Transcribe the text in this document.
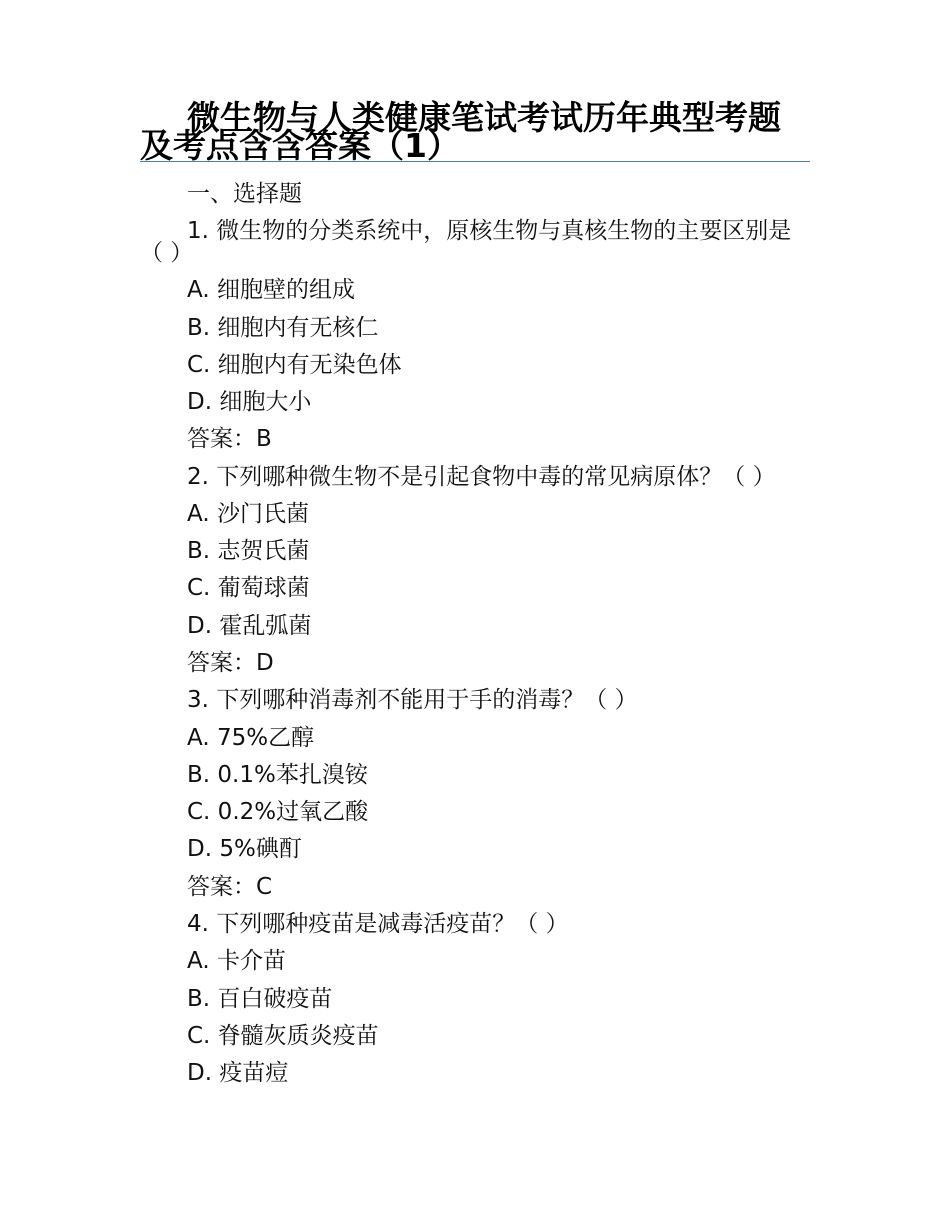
微生物与人类健康笔试考试历年典型考题及考点含含答案（1）
一、选择题
1. 微生物的分类系统中，原核生物与真核生物的主要区别是（ ）
A. 细胞壁的组成
B. 细胞内有无核仁
C. 细胞内有无染色体
D. 细胞大小
答案：B
2. 下列哪种微生物不是引起食物中毒的常见病原体？（ ）
A. 沙门氏菌
B. 志贺氏菌
C. 葡萄球菌
D. 霍乱弧菌
答案：D
3. 下列哪种消毒剂不能用于手的消毒？（ ）
A. 75%乙醇
B. 0.1%苯扎溴铵
C. 0.2%过氧乙酸
D. 5%碘酊
答案：C
4. 下列哪种疫苗是减毒活疫苗？（ ）
A. 卡介苗
B. 百白破疫苗
C. 脊髓灰质炎疫苗
D. 疫苗痘
